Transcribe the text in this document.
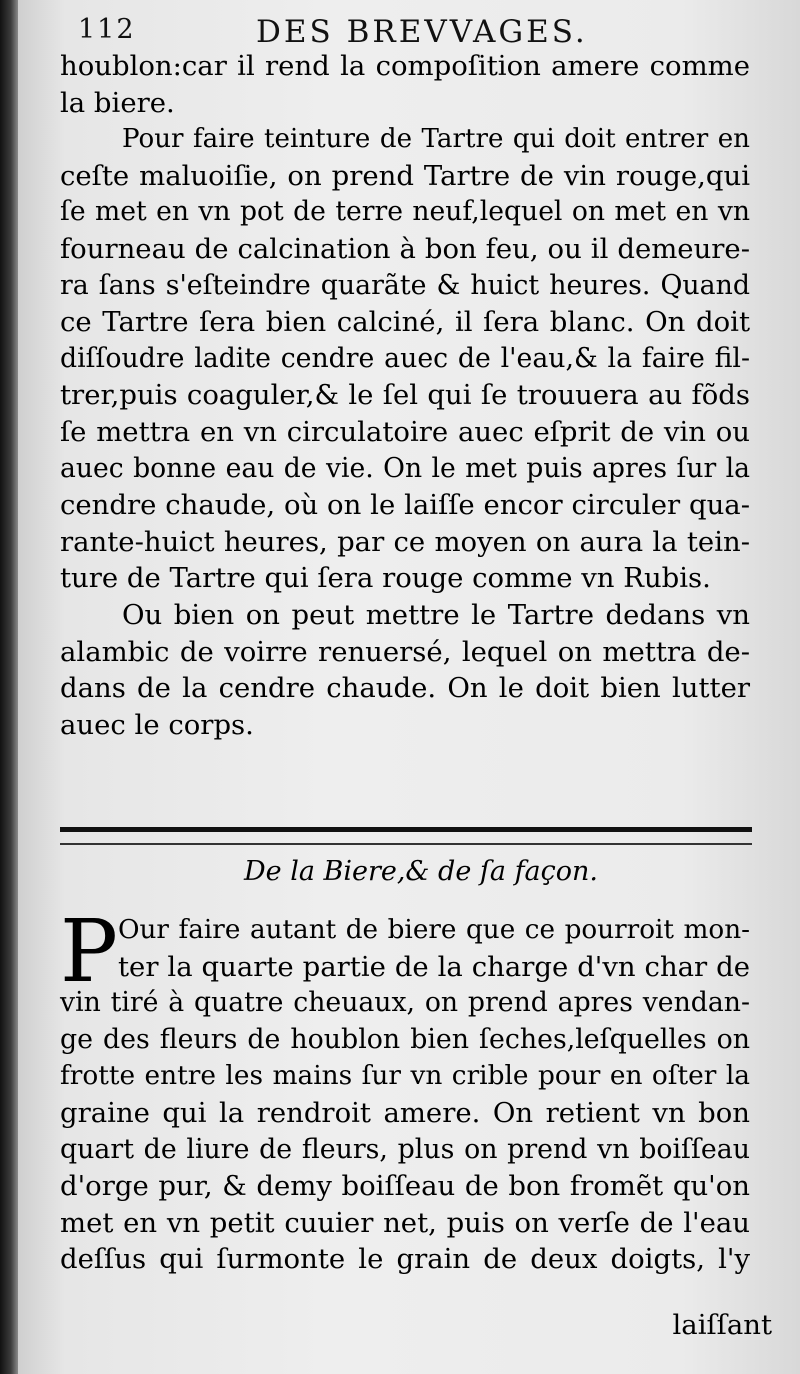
112	DES BREVVAGES.
houblon:car il rend la compoſition amere comme
la biere.
Pour faire teinture de Tartre qui doit entrer en
ceſte maluoiſie, on prend Tartre de vin rouge,qui
ſe met en vn pot de terre neuf,lequel on met en vn
fourneau de calcination à bon feu, ou il demeure-
ra ſans s'eſteindre quarãte & huict heures. Quand
ce Tartre ſera bien calciné, il ſera blanc. On doit
diſſoudre ladite cendre auec de l'eau,& la faire fil-
trer,puis coaguler,& le ſel qui ſe trouuera au fõds
ſe mettra en vn circulatoire auec eſprit de vin ou
auec bonne eau de vie. On le met puis apres ſur la
cendre chaude, où on le laiſſe encor circuler qua-
rante-huict heures, par ce moyen on aura la tein-
ture de Tartre qui ſera rouge comme vn Rubis.
Ou bien on peut mettre le Tartre dedans vn
alambic de voirre renuersé, lequel on mettra de-
dans de la cendre chaude. On le doit bien lutter
auec le corps.
De la Biere,& de ſa façon.
P Our faire autant de biere que ce pourroit mon-
ter la quarte partie de la charge d'vn char de
vin tiré à quatre cheuaux, on prend apres vendan-
ge des fleurs de houblon bien ſeches,leſquelles on
frotte entre les mains ſur vn crible pour en oſter la
graine qui la rendroit amere. On retient vn bon
quart de liure de fleurs, plus on prend vn boiſſeau
d'orge pur, & demy boiſſeau de bon fromẽt qu'on
met en vn petit cuuier net, puis on verſe de l'eau
deſſus qui ſurmonte le grain de deux doigts, l'y
laiſſant
